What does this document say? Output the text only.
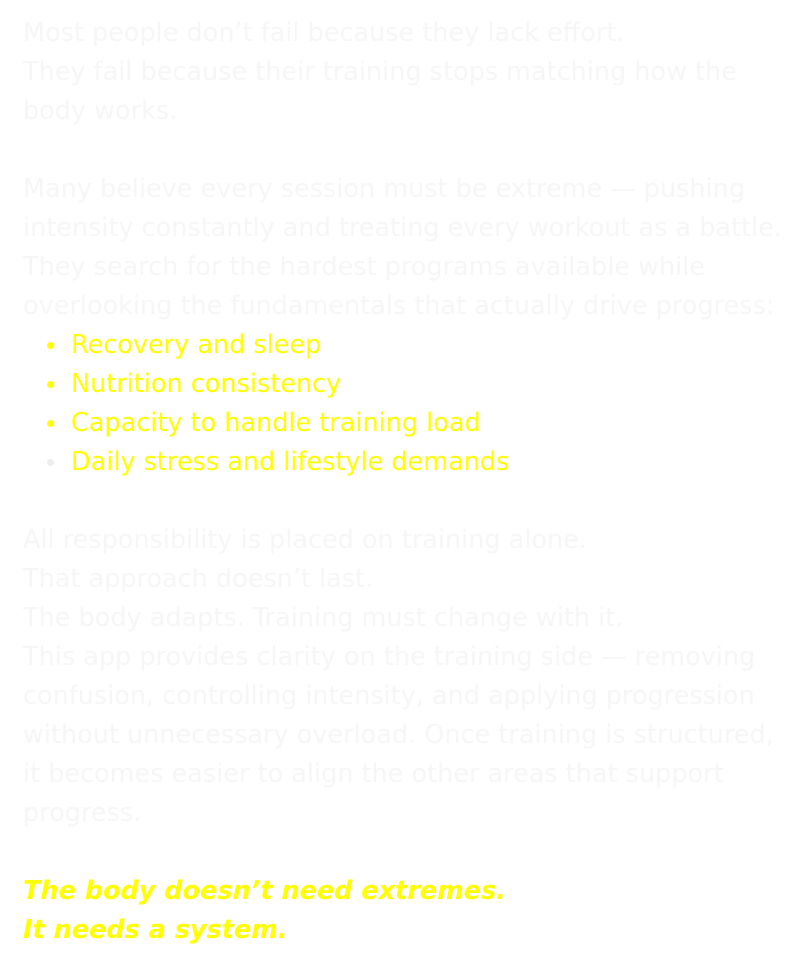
Most people don’t fail because they lack effort.

They fail because their training stops matching how the body works.

Many believe every session must be extreme — pushing intensity constantly and treating every workout as a battle. They search for the hardest programs available while overlooking the fundamentals that actually drive progress:

Recovery and sleep
Nutrition consistency
Capacity to handle training load
Daily stress and lifestyle demands

All responsibility is placed on training alone.

That approach doesn’t last.

The body adapts. Training must change with it.

This app provides clarity on the training side — removing confusion, controlling intensity, and applying progression without unnecessary overload. Once training is structured, it becomes easier to align the other areas that support progress.

The body doesn’t need extremes.

It needs a system.
